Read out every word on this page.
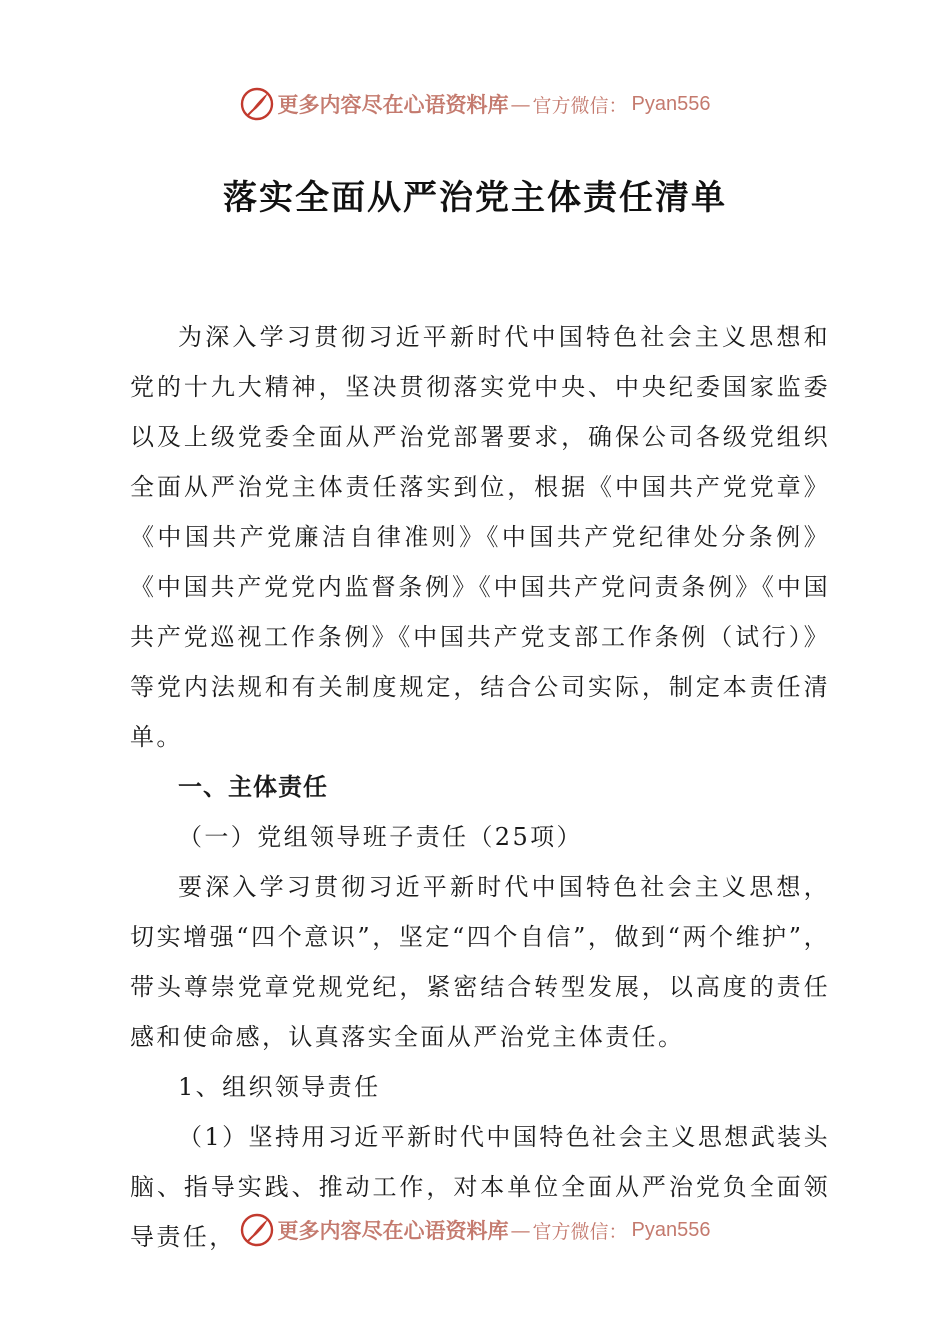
更多内容尽在心语资料库 — 官方微信： Pyan556
落实全面从严治党主体责任清单

为深入学习贯彻习近平新时代中国特色社会主义思想和党的十九大精神，坚决贯彻落实党中央、中央纪委国家监委以及上级党委全面从严治党部署要求，确保公司各级党组织全面从严治党主体责任落实到位，根据《中国共产党党章》《中国共产党廉洁自律准则》《中国共产党纪律处分条例》《中国共产党党内监督条例》《中国共产党问责条例》《中国共产党巡视工作条例》《中国共产党支部工作条例（试行）》等党内法规和有关制度规定，结合公司实际，制定本责任清单。

一、主体责任

（一）党组领导班子责任（25项）

要深入学习贯彻习近平新时代中国特色社会主义思想，切实增强“四个意识”，坚定“四个自信”，做到“两个维护”，带头尊崇党章党规党纪，紧密结合转型发展，以高度的责任感和使命感，认真落实全面从严治党主体责任。

1、组织领导责任

（1）坚持用习近平新时代中国特色社会主义思想武装头脑、指导实践、推动工作，对本单位全面从严治党负全面领导责任，	更多内容尽在心语资料库 — 官方微信： Pyan556
